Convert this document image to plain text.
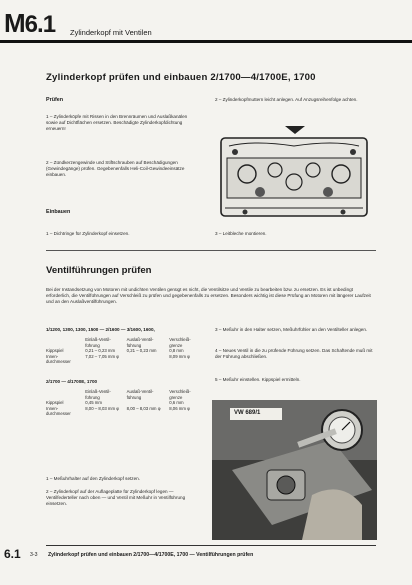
M6.1 Zylinderkopf mit Ventilen
Zylinderkopf prüfen und einbauen 2/1700—4/1700E, 1700
Prüfen
1 – Zylinderköpfe mit Rissen in den Brennräumen und Auslaßkanälen sowie auf Dichtflächen ersetzen. Beschädigte Zylinderkopfdichtung erneuern!
2 – Zündkerzengewinde und Stiftschrauben auf Beschädigungen (Gewindegänge) prüfen. Gegebenenfalls Heli-Coil-Gewindeeinsätze einbauen.
Einbauen
1 – Dichtringe für Zylinderkopf einsetzen.
2 – Zylinderkopfmuttern leicht anlegen. Auf Anzugsreihenfolge achten.
3 – Leitbleche montieren.
Ventilführungen prüfen
Bei der Instandsetzung von Motoren mit undichten Ventilen genügt es nicht, die Ventilsitze und Ventile zu bearbeiten bzw. zu ersetzen. Es ist unbedingt erforderlich, die Ventilführungen auf Verschleiß zu prüfen und gegebenenfalls zu ersetzen. Besonders wichtig ist diese Prüfung an Motoren mit längerer Laufzeit und an den Auslaßventilführungen.
1/1200, 1300, 1300, 1500 — 2/1600 — 3/1600, 1600,
	Einlaß-Ventil-führung	Auslaß-Ventil-führung	Verschleiß-grenze
Kippspiel	0,21 – 0,23 mm	0,21 – 0,23 mm	0,8 mm
Innen-durchmesser	7,02 – 7,05 mm φ		8,09 mm φ
2/1700 — 4/1700E, 1700
	Einlaß-Ventil-führung	Auslaß-Ventil-führung	Verschleiß-grenze
Kippspiel	0,45 mm		0,6 mm
Innen-durchmesser	8,00 – 8,03 mm φ	8,00 – 8,03 mm φ	8,06 mm φ
1 – Meßuhrhalter auf den Zylinderkopf setzen.
2 – Zylinderkopf auf der Auflageplatte für Zylinderkopf legen — Ventilfederteller nach oben — und Ventil mit Meßuhr in Ventilführung einsetzen.
3 – Meßuhr in den Halter setzen, Meßuhrfühler an den Ventilteller anlegen.
4 – Neues Ventil in die zu prüfende Führung setzen. Das Schaftende muß mit der Führung abschließen.
5 – Meßuhr einstellen. Kippspiel ermitteln.
VW 689/1
6.1 3-3 Zylinderkopf prüfen und einbauen 2/1700—4/1700E, 1700 — Ventilführungen prüfen
